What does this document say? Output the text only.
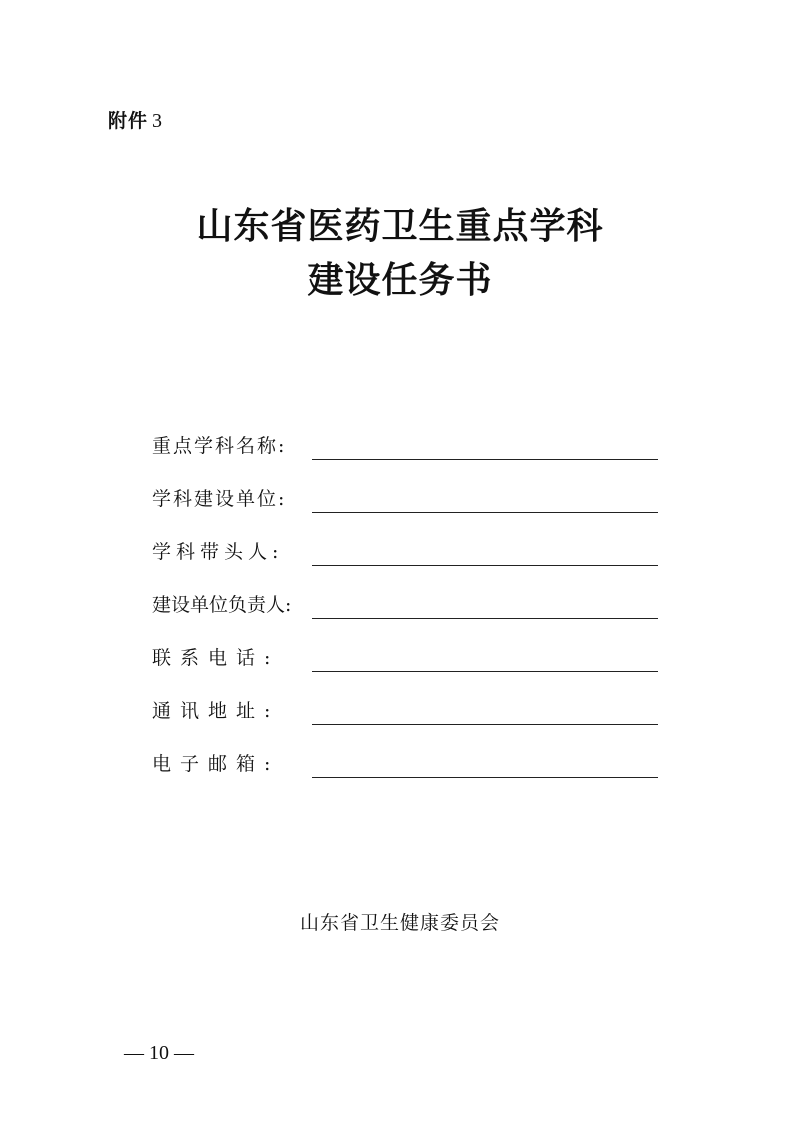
附件 3
山东省医药卫生重点学科
建设任务书
重点学科名称:
学科建设单位:
学科带头人:
建设单位负责人:
联系电话:
通讯地址:
电子邮箱:
山东省卫生健康委员会
— 10 —
